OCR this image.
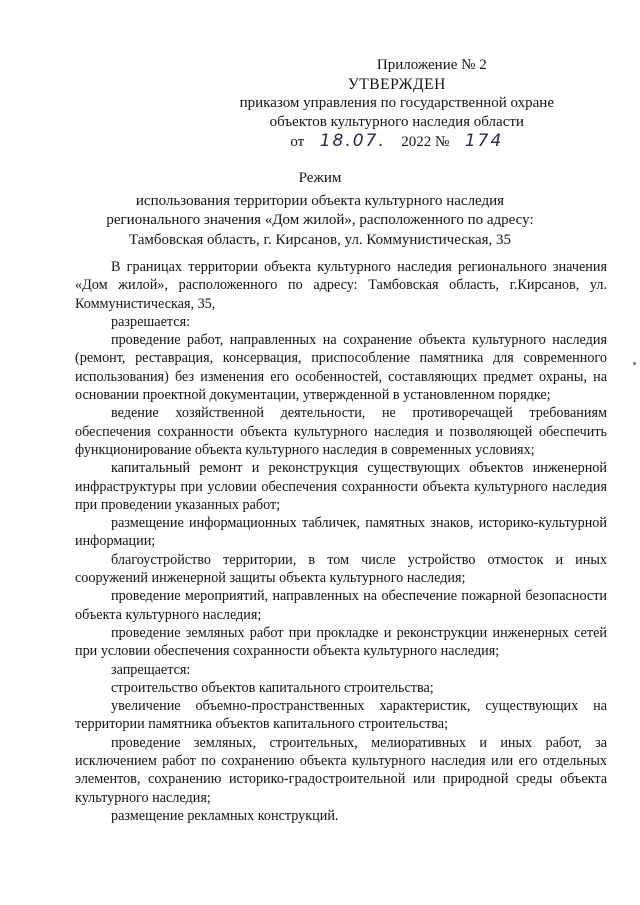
Приложение № 2
УТВЕРЖДЕН
приказом управления по государственной охране
объектов культурного наследия области
от 18.07. 2022 № 174
Режим
использования территории объекта культурного наследия
регионального значения «Дом жилой», расположенного по адресу:
Тамбовская область, г. Кирсанов, ул. Коммунистическая, 35

В границах территории объекта культурного наследия регионального значения «Дом жилой», расположенного по адресу: Тамбовская область, г.Кирсанов, ул. Коммунистическая, 35,

разрешается:

проведение работ, направленных на сохранение объекта культурного наследия (ремонт, реставрация, консервация, приспособление памятника для современного использования) без изменения его особенностей, составляющих предмет охраны, на основании проектной документации, утвержденной в установленном порядке;

ведение хозяйственной деятельности, не противоречащей требованиям обеспечения сохранности объекта культурного наследия и позволяющей обеспечить функционирование объекта культурного наследия в современных условиях;

капитальный ремонт и реконструкция существующих объектов инженерной инфраструктуры при условии обеспечения сохранности объекта культурного наследия при проведении указанных работ;

размещение информационных табличек, памятных знаков, историко-культурной информации;

благоустройство территории, в том числе устройство отмосток и иных сооружений инженерной защиты объекта культурного наследия;

проведение мероприятий, направленных на обеспечение пожарной безопасности объекта культурного наследия;

проведение земляных работ при прокладке и реконструкции инженерных сетей при условии обеспечения сохранности объекта культурного наследия;

запрещается:

строительство объектов капитального строительства;

увеличение объемно-пространственных характеристик, существующих на территории памятника объектов капитального строительства;

проведение земляных, строительных, мелиоративных и иных работ, за исключением работ по сохранению объекта культурного наследия или его отдельных элементов, сохранению историко-градостроительной или природной среды объекта культурного наследия;

размещение рекламных конструкций.
